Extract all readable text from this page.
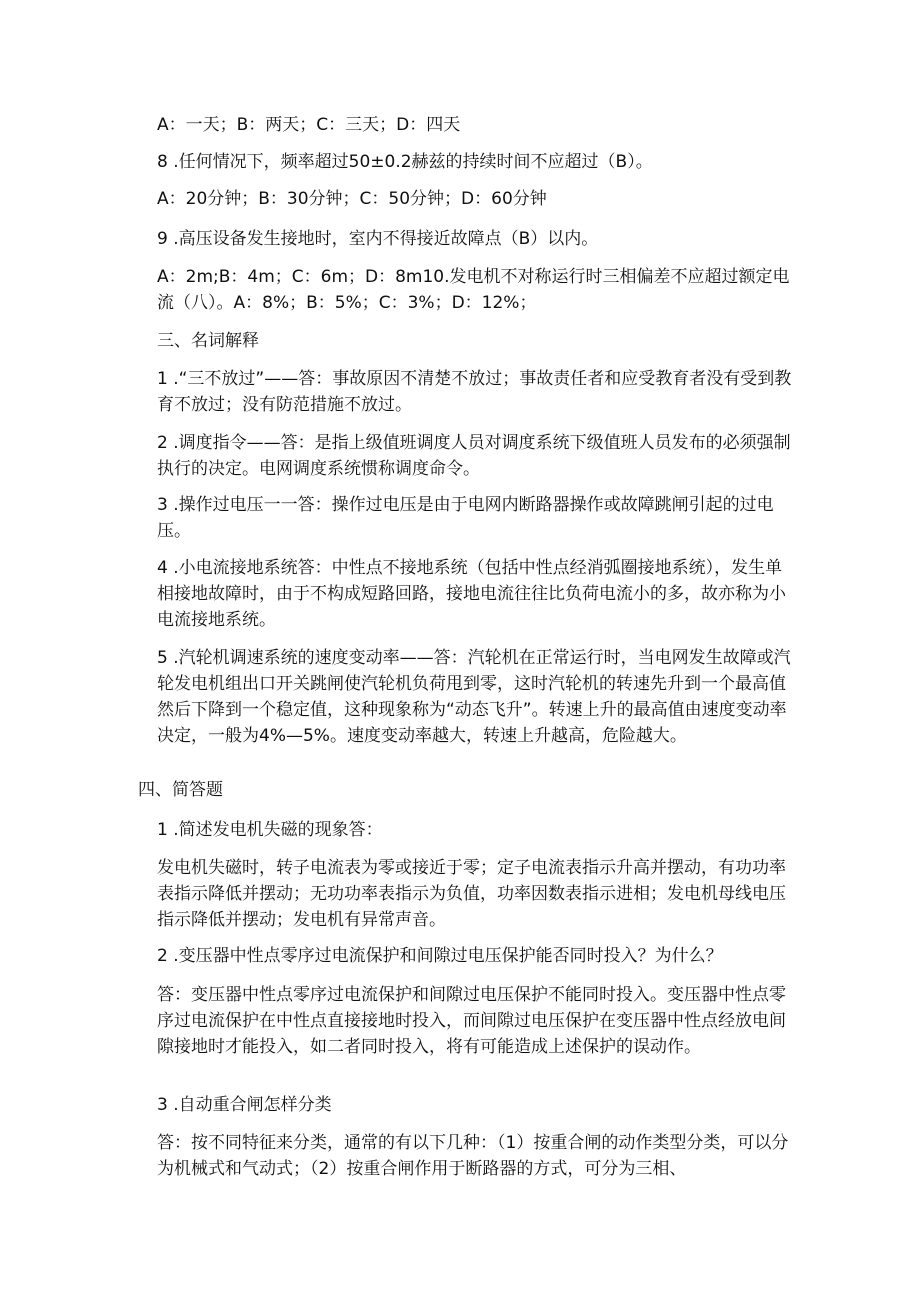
A：一天；B：两天；C：三天；D：四天

8 .任何情况下，频率超过50±0.2赫兹的持续时间不应超过（B）。

A：20分钟；B：30分钟；C：50分钟；D：60分钟

9 .高压设备发生接地时，室内不得接近故障点（B）以内。

A：2m;B：4m；C：6m；D：8m10.发电机不对称运行时三相偏差不应超过额定电流（八）。A：8%；B：5%；C：3%；D：12%；

三、名词解释

1 .“三不放过”——答：事故原因不清楚不放过；事故责任者和应受教育者没有受到教育不放过；没有防范措施不放过。

2 .调度指令——答：是指上级值班调度人员对调度系统下级值班人员发布的必须强制执行的决定。电网调度系统惯称调度命令。

3 .操作过电压一一答：操作过电压是由于电网内断路器操作或故障跳闸引起的过电压。

4 .小电流接地系统答：中性点不接地系统（包括中性点经消弧圈接地系统），发生单相接地故障时，由于不构成短路回路，接地电流往往比负荷电流小的多，故亦称为小电流接地系统。

5 .汽轮机调速系统的速度变动率——答：汽轮机在正常运行时，当电网发生故障或汽轮发电机组出口开关跳闸使汽轮机负荷甩到零，这时汽轮机的转速先升到一个最高值然后下降到一个稳定值，这种现象称为“动态飞升”。转速上升的最高值由速度变动率决定，一般为4%—5%。速度变动率越大，转速上升越高，危险越大。

四、简答题

1 .简述发电机失磁的现象答：

发电机失磁时，转子电流表为零或接近于零；定子电流表指示升高并摆动，有功功率表指示降低并摆动；无功功率表指示为负值，功率因数表指示进相；发电机母线电压指示降低并摆动；发电机有异常声音。

2 .变压器中性点零序过电流保护和间隙过电压保护能否同时投入？为什么？

答：变压器中性点零序过电流保护和间隙过电压保护不能同时投入。变压器中性点零序过电流保护在中性点直接接地时投入，而间隙过电压保护在变压器中性点经放电间隙接地时才能投入，如二者同时投入，将有可能造成上述保护的误动作。

3 .自动重合闸怎样分类

答：按不同特征来分类，通常的有以下几种：（1）按重合闸的动作类型分类，可以分为机械式和气动式；（2）按重合闸作用于断路器的方式，可分为三相、
